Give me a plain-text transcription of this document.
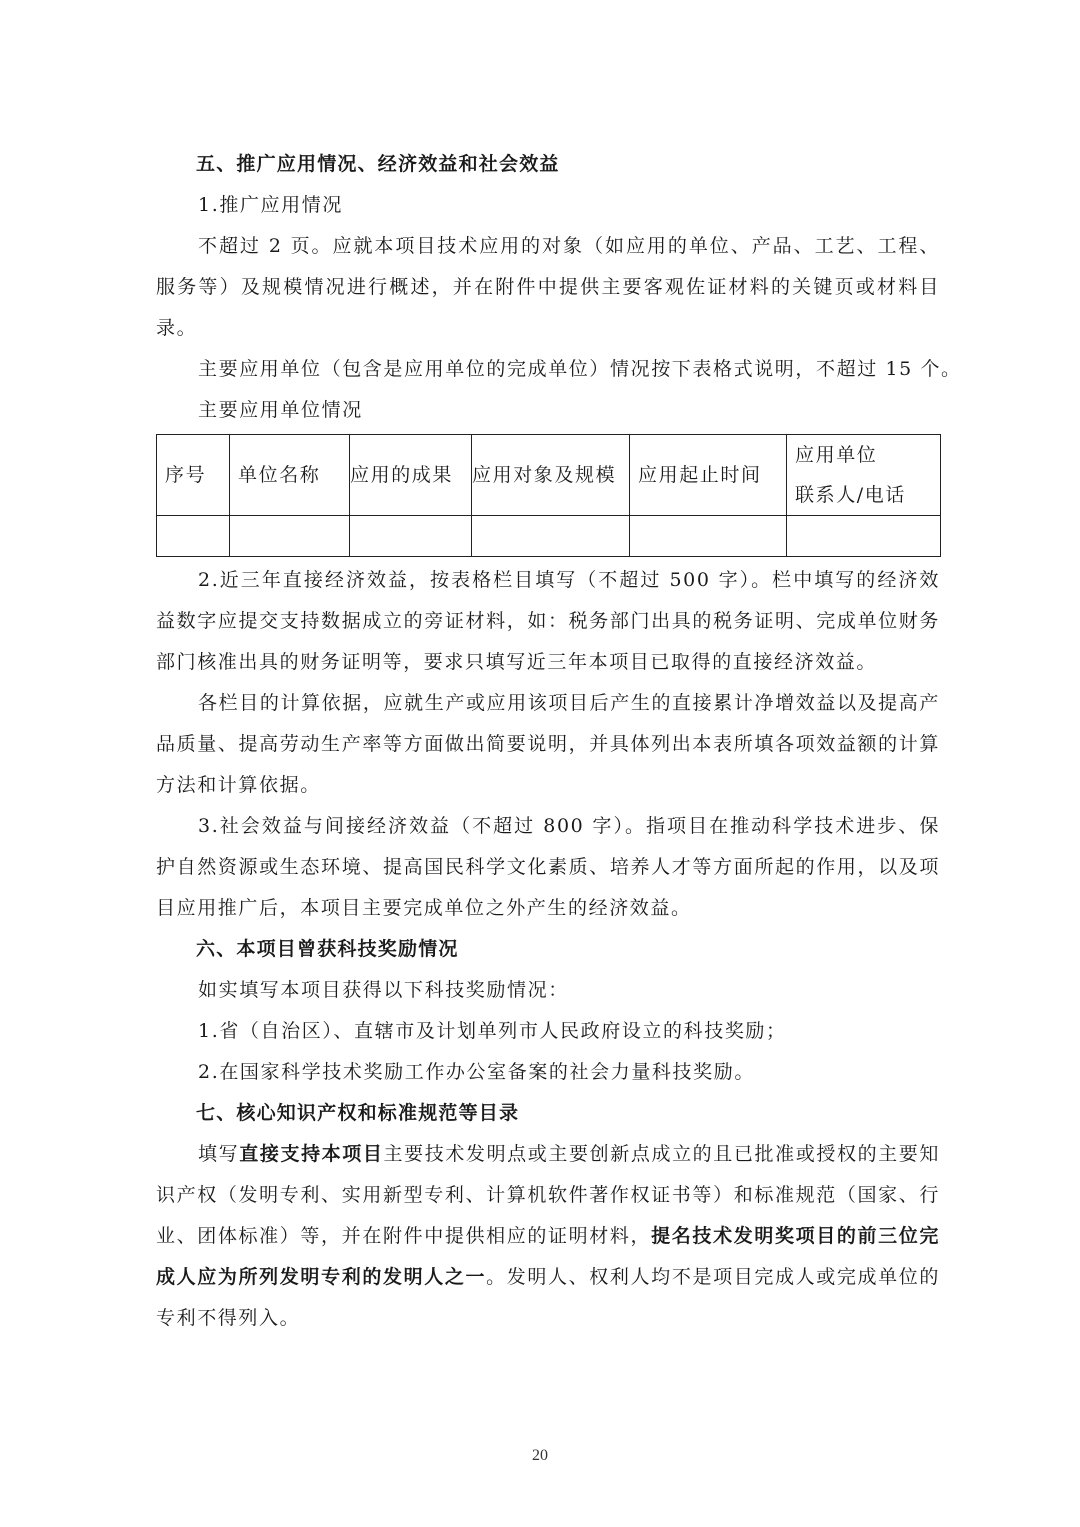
五、推广应用情况、经济效益和社会效益

1.推广应用情况

不超过 2 页。应就本项目技术应用的对象（如应用的单位、产品、工艺、工程、服务等）及规模情况进行概述，并在附件中提供主要客观佐证材料的关键页或材料目录。

主要应用单位（包含是应用单位的完成单位）情况按下表格式说明，不超过 15 个。

主要应用单位情况

序号	单位名称	应用的成果	应用对象及规模	应用起止时间	应用单位
联系人/电话

2.近三年直接经济效益，按表格栏目填写（不超过 500 字）。栏中填写的经济效益数字应提交支持数据成立的旁证材料，如：税务部门出具的税务证明、完成单位财务部门核准出具的财务证明等，要求只填写近三年本项目已取得的直接经济效益。

各栏目的计算依据，应就生产或应用该项目后产生的直接累计净增效益以及提高产品质量、提高劳动生产率等方面做出简要说明，并具体列出本表所填各项效益额的计算方法和计算依据。

3.社会效益与间接经济效益（不超过 800 字）。指项目在推动科学技术进步、保护自然资源或生态环境、提高国民科学文化素质、培养人才等方面所起的作用，以及项目应用推广后，本项目主要完成单位之外产生的经济效益。

六、本项目曾获科技奖励情况

如实填写本项目获得以下科技奖励情况：

1.省（自治区）、直辖市及计划单列市人民政府设立的科技奖励；

2.在国家科学技术奖励工作办公室备案的社会力量科技奖励。

七、核心知识产权和标准规范等目录

填写直接支持本项目主要技术发明点或主要创新点成立的且已批准或授权的主要知识产权（发明专利、实用新型专利、计算机软件著作权证书等）和标准规范（国家、行业、团体标准）等，并在附件中提供相应的证明材料，提名技术发明奖项目的前三位完成人应为所列发明专利的发明人之一。发明人、权利人均不是项目完成人或完成单位的专利不得列入。

20
